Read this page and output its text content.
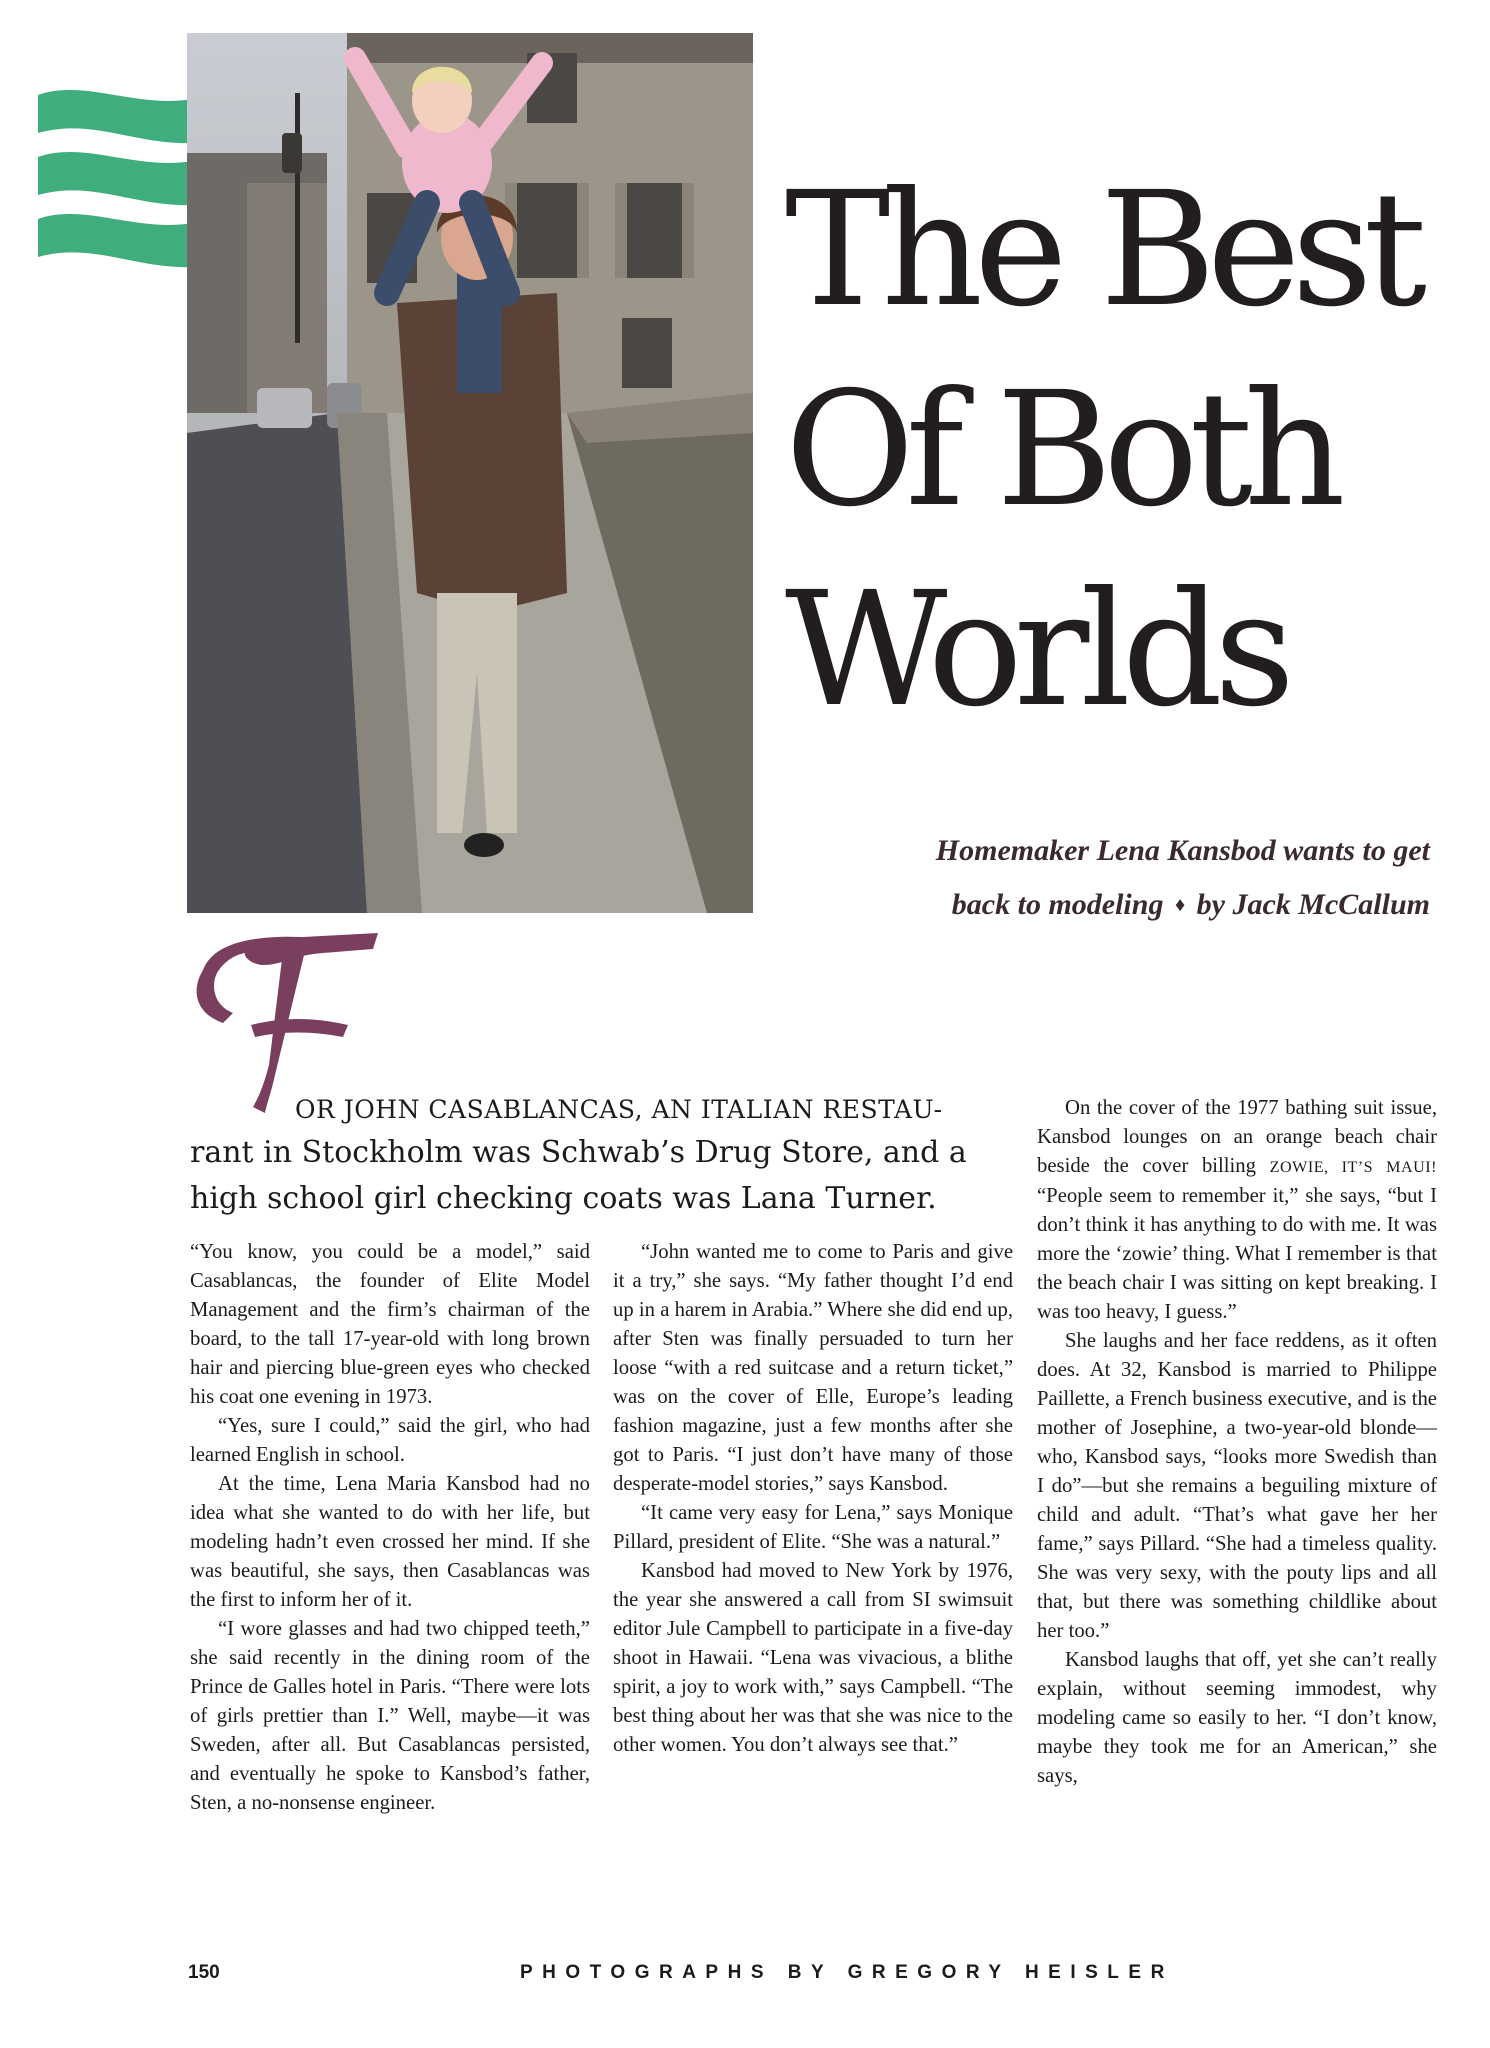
The Best
Of Both
Worlds
Homemaker Lena Kansbod wants to get
back to modeling ♦ by Jack McCallum
OR JOHN CASABLANCAS, AN ITALIAN RESTAU-
rant in Stockholm was Schwab’s Drug Store, and a
high school girl checking coats was Lana Turner.

“You know, you could be a model,” said Casablancas, the founder of Elite Model Management and the firm’s chairman of the board, to the tall 17-year-old with long brown hair and piercing blue-green eyes who checked his coat one evening in 1973.

“Yes, sure I could,” said the girl, who had learned English in school.

At the time, Lena Maria Kansbod had no idea what she wanted to do with her life, but modeling hadn’t even crossed her mind. If she was beautiful, she says, then Casablancas was the first to inform her of it.

“I wore glasses and had two chipped teeth,” she said recently in the dining room of the Prince de Galles hotel in Paris. “There were lots of girls prettier than I.” Well, maybe—it was Sweden, after all. But Casablancas persisted, and eventually he spoke to Kansbod’s father, Sten, a no-nonsense engineer.

“John wanted me to come to Paris and give it a try,” she says. “My father thought I’d end up in a harem in Arabia.” Where she did end up, after Sten was finally persuaded to turn her loose “with a red suitcase and a return ticket,” was on the cover of Elle, Europe’s leading fashion magazine, just a few months after she got to Paris. “I just don’t have many of those desperate-model stories,” says Kansbod.

“It came very easy for Lena,” says Monique Pillard, president of Elite. “She was a natural.”

Kansbod had moved to New York by 1976, the year she answered a call from SI swimsuit editor Jule Campbell to participate in a five-day shoot in Hawaii. “Lena was vivacious, a blithe spirit, a joy to work with,” says Campbell. “The best thing about her was that she was nice to the other women. You don’t always see that.”

On the cover of the 1977 bathing suit issue, Kansbod lounges on an orange beach chair beside the cover billing ZOWIE, IT’S MAUI! “People seem to remember it,” she says, “but I don’t think it has anything to do with me. It was more the ‘zowie’ thing. What I remember is that the beach chair I was sitting on kept breaking. I was too heavy, I guess.”

She laughs and her face reddens, as it often does. At 32, Kansbod is married to Philippe Paillette, a French business executive, and is the mother of Josephine, a two-year-old blonde—who, Kansbod says, “looks more Swedish than I do”—but she remains a beguiling mixture of child and adult. “That’s what gave her her fame,” says Pillard. “She had a timeless quality. She was very sexy, with the pouty lips and all that, but there was something childlike about her too.”

Kansbod laughs that off, yet she can’t really explain, without seeming immodest, why modeling came so easily to her. “I don’t know, maybe they took me for an American,” she says,

150	PHOTOGRAPHS BY GREGORY HEISLER
